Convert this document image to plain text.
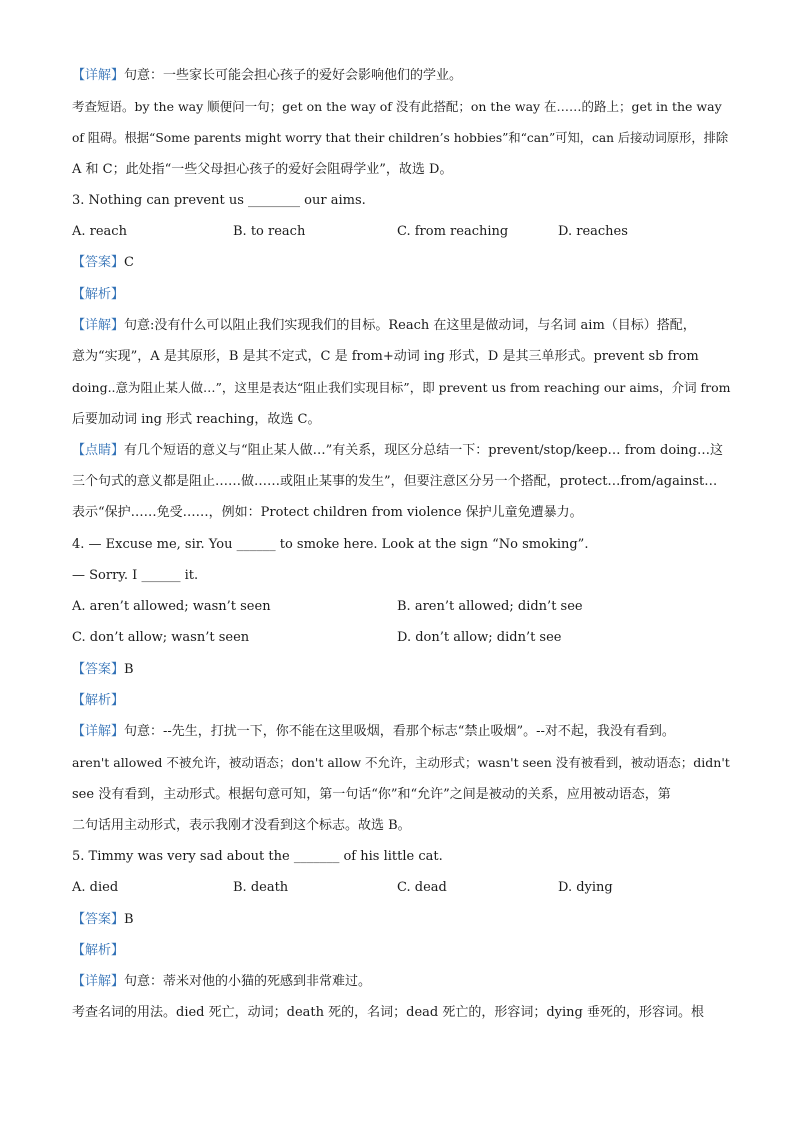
【详解】句意：一些家长可能会担心孩子的爱好会影响他们的学业。
考查短语。by the way 顺便问一句；get on the way of 没有此搭配；on the way 在……的路上；get in the way
of 阻碍。根据“Some parents might worry that their children’s hobbies”和“can”可知，can 后接动词原形，排除
A 和 C；此处指“一些父母担心孩子的爱好会阻碍学业”，故选 D。
3. Nothing can prevent us ________ our aims.
A. reach	B. to reach	C. from reaching	D. reaches
【答案】C
【解析】
【详解】句意:没有什么可以阻止我们实现我们的目标。Reach 在这里是做动词，与名词 aim（目标）搭配，
意为“实现”，A 是其原形，B 是其不定式，C 是 from+动词 ing 形式，D 是其三单形式。prevent sb from
doing..意为阻止某人做…”，这里是表达“阻止我们实现目标”，即 prevent us from reaching our aims，介词 from
后要加动词 ing 形式 reaching，故选 C。
【点睛】有几个短语的意义与“阻止某人做…”有关系，现区分总结一下：prevent/stop/keep… from doing…这
三个句式的意义都是阻止……做……或阻止某事的发生”，但要注意区分另一个搭配，protect…from/against…
表示“保护……免受……，例如：Protect children from violence 保护儿童免遭暴力。
4. — Excuse me, sir. You ______ to smoke here. Look at the sign “No smoking”.
— Sorry. I ______ it.
A. aren’t allowed; wasn’t seen	B. aren’t allowed; didn’t see
C. don’t allow; wasn’t seen	D. don’t allow; didn’t see
【答案】B
【解析】
【详解】句意：--先生，打扰一下，你不能在这里吸烟，看那个标志“禁止吸烟”。--对不起，我没有看到。
aren't allowed 不被允许，被动语态；don't allow 不允许，主动形式；wasn't seen 没有被看到，被动语态；didn't
see 没有看到，主动形式。根据句意可知，第一句话“你”和“允许”之间是被动的关系，应用被动语态，第
二句话用主动形式，表示我刚才没看到这个标志。故选 B。
5. Timmy was very sad about the _______ of his little cat.
A. died	B. death	C. dead	D. dying
【答案】B
【解析】
【详解】句意：蒂米对他的小猫的死感到非常难过。
考查名词的用法。died 死亡，动词；death 死的，名词；dead 死亡的，形容词；dying 垂死的，形容词。根
